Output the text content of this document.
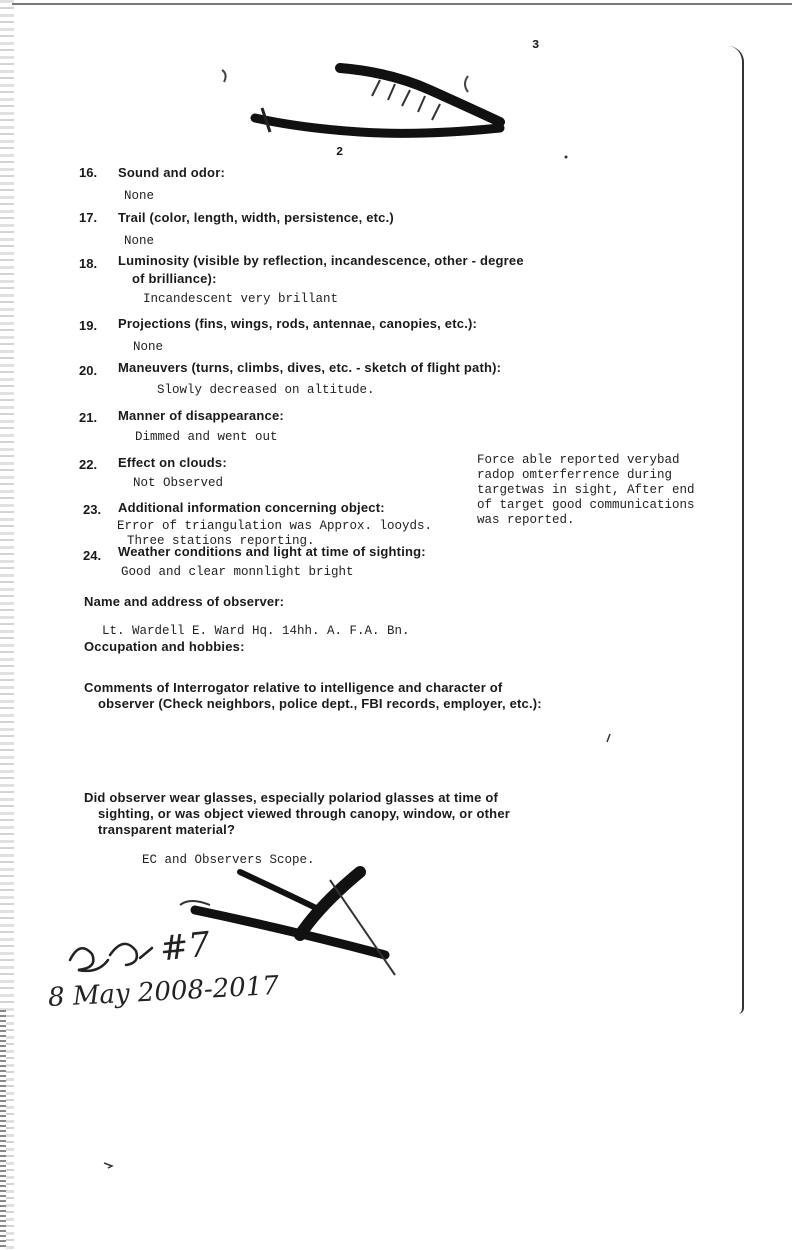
3
2
16. Sound and odor:
None
17. Trail (color, length, width, persistence, etc.)
None
18. Luminosity (visible by reflection, incandescence, other - degree
of brilliance):
Incandescent very brillant
19. Projections (fins, wings, rods, antennae, canopies, etc.):
None
20. Maneuvers (turns, climbs, dives, etc. - sketch of flight path):
Slowly decreased on altitude.
21. Manner of disappearance:
Dimmed and went out
22. Effect on clouds:
Not Observed
Force able reported verybad
radop omterferrence during
targetwas in sight, After end
of target good communications
was reported.
23. Additional information concerning object:
Error of triangulation was Approx. looyds.
Three stations reporting.
24. Weather conditions and light at time of sighting:
Good and clear monnlight bright
Name and address of observer:
Lt. Wardell E. Ward Hq. 14hh. A. F.A. Bn.
Occupation and hobbies:
Comments of Interrogator relative to intelligence and character of
observer (Check neighbors, police dept., FBI records, employer, etc.):
Did observer wear glasses, especially polariod glasses at time of
sighting, or was object viewed through canopy, window, or other
transparent material?
EC and Observers Scope.
#7
8 May 2008-2017
